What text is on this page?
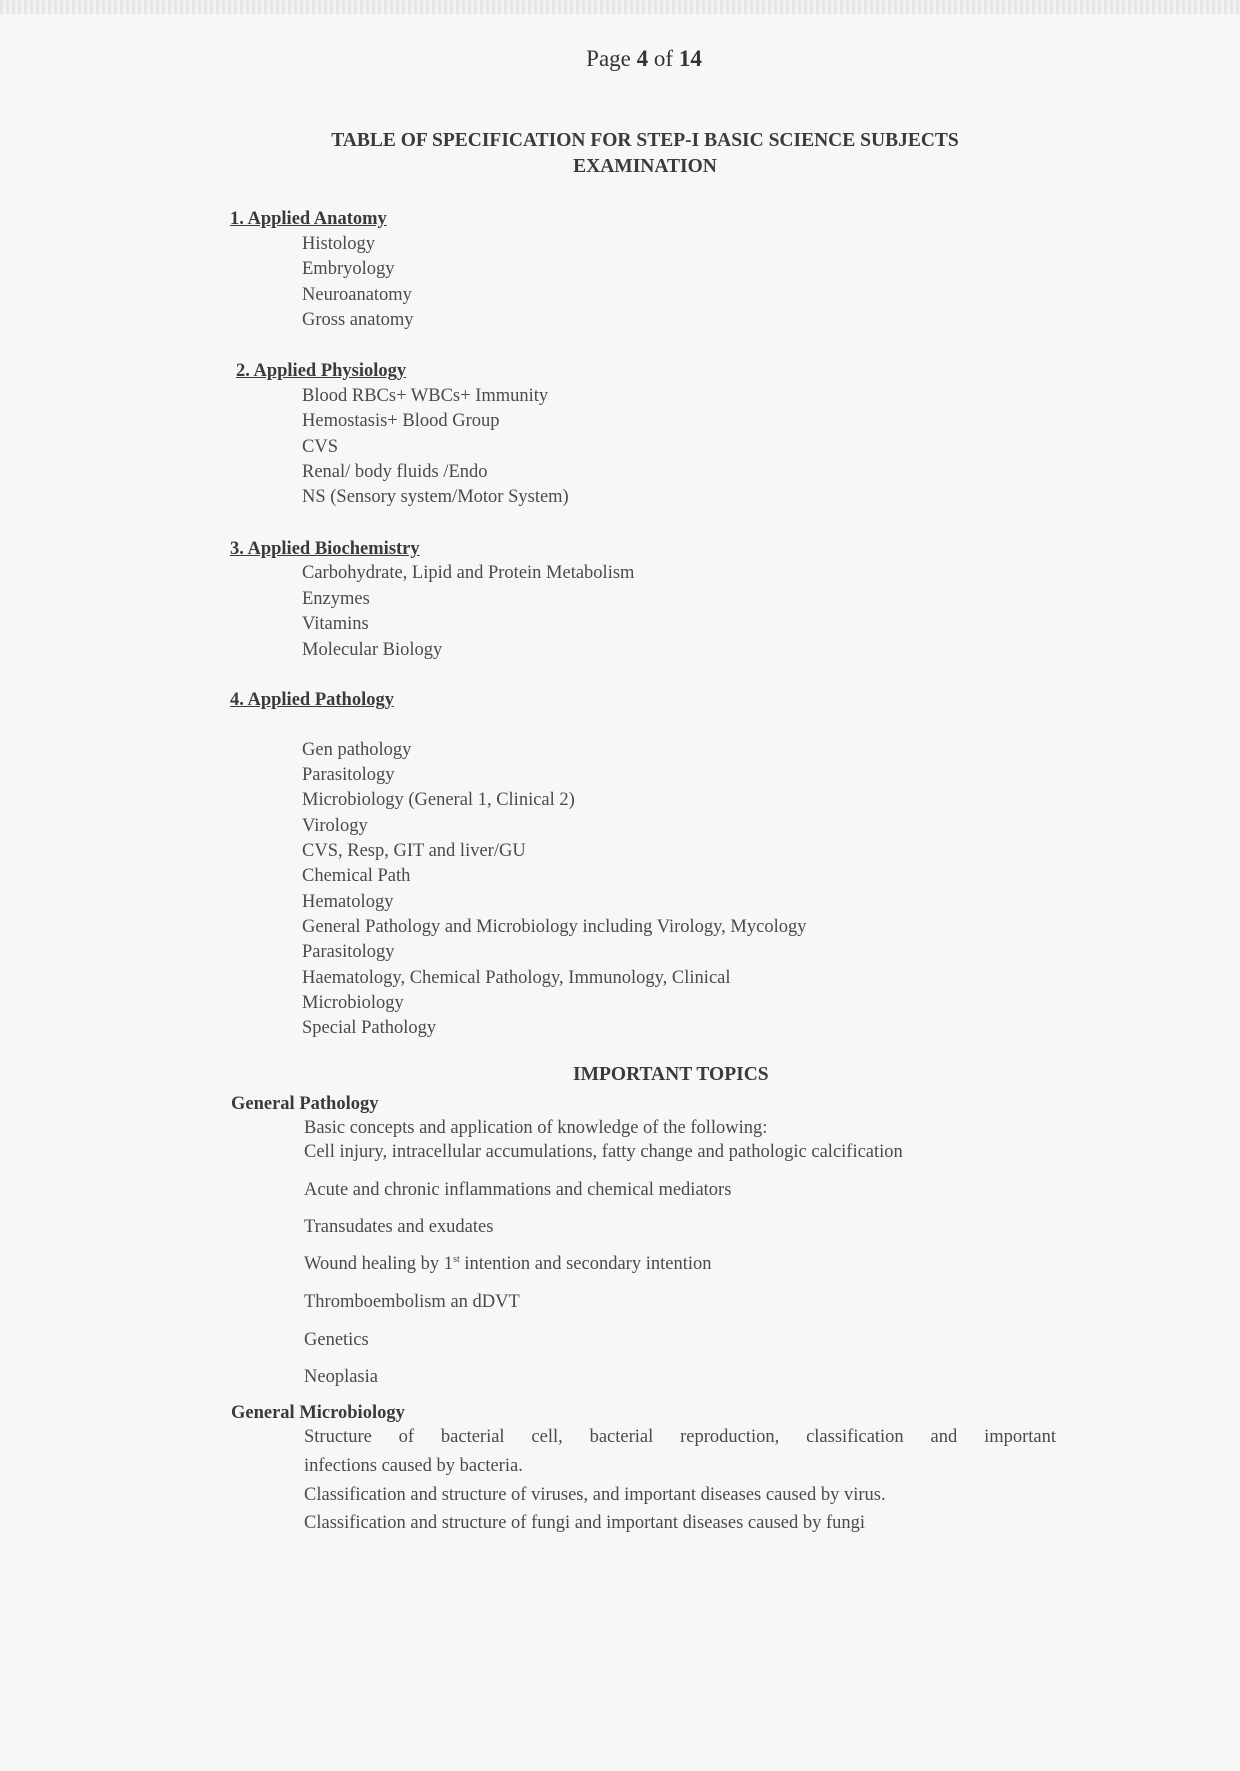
Page 4 of 14
TABLE OF SPECIFICATION FOR STEP-I BASIC SCIENCE SUBJECTS
EXAMINATION
1. Applied Anatomy
Histology
Embryology
Neuroanatomy
Gross anatomy
2. Applied Physiology
Blood RBCs+ WBCs+ Immunity
Hemostasis+ Blood Group
CVS
Renal/ body fluids /Endo
NS (Sensory system/Motor System)
3. Applied Biochemistry
Carbohydrate, Lipid and Protein Metabolism
Enzymes
Vitamins
Molecular Biology
4. Applied Pathology
Gen pathology
Parasitology
Microbiology (General 1, Clinical 2)
Virology
CVS, Resp, GIT and liver/GU
Chemical Path
Hematology
General Pathology and Microbiology including Virology, Mycology
Parasitology
Haematology, Chemical Pathology, Immunology, Clinical
Microbiology
Special Pathology
IMPORTANT TOPICS
General Pathology
Basic concepts and application of knowledge of the following:
Cell injury, intracellular accumulations, fatty change and pathologic calcification
Acute and chronic inflammations and chemical mediators
Transudates and exudates
Wound healing by 1st intention and secondary intention
Thromboembolism an dDVT
Genetics
Neoplasia
General Microbiology
Structure of bacterial cell, bacterial reproduction, classification and important
infections caused by bacteria.
Classification and structure of viruses, and important diseases caused by virus.
Classification and structure of fungi and important diseases caused by fungi
